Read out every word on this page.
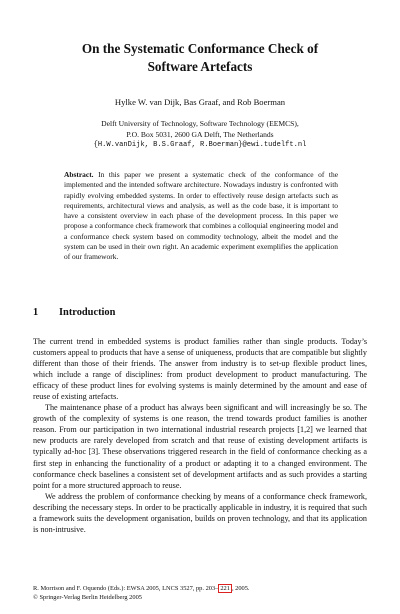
On the Systematic Conformance Check of
Software Artefacts
Hylke W. van Dijk, Bas Graaf, and Rob Boerman
Delft University of Technology, Software Technology (EEMCS),
P.O. Box 5031, 2600 GA Delft, The Netherlands
{H.W.vanDijk, B.S.Graaf, R.Boerman}@ewi.tudelft.nl
Abstract. In this paper we present a systematic check of the conformance of the implemented and the intended software architecture. Nowadays industry is confronted with rapidly evolving embedded systems. In order to effectively reuse design artefacts such as requirements, architectural views and analysis, as well as the code base, it is important to have a consistent overview in each phase of the development process. In this paper we propose a conformance check framework that combines a colloquial engineering model and a conformance check system based on commodity technology, albeit the model and the system can be used in their own right. An academic experiment exemplifies the application of our framework.
1 Introduction

The current trend in embedded systems is product families rather than single products. Today’s customers appeal to products that have a sense of uniqueness, products that are compatible but slightly different than those of their friends. The answer from industry is to set-up flexible product lines, which include a range of disciplines: from product development to product manufacturing. The efficacy of these product lines for evolving systems is mainly determined by the amount and ease of reuse of existing artefacts.

The maintenance phase of a product has always been significant and will increasingly be so. The growth of the complexity of systems is one reason, the trend towards product families is another reason. From our participation in two international industrial research projects [1,2] we learned that new products are rarely developed from scratch and that reuse of existing development artifacts is typically ad-hoc [3]. These observations triggered research in the field of conformance checking as a first step in enhancing the functionality of a product or adapting it to a changed environment. The conformance check baselines a consistent set of development artifacts and as such provides a starting point for a more structured approach to reuse.

We address the problem of conformance checking by means of a conformance check framework, describing the necessary steps. In order to be practically applicable in industry, it is required that such a framework suits the development organisation, builds on proven technology, and that its application is non-intrusive.

R. Morrison and F. Oquendo (Eds.): EWSA 2005, LNCS 3527, pp. 203– 221 , 2005.
© Springer-Verlag Berlin Heidelberg 2005
